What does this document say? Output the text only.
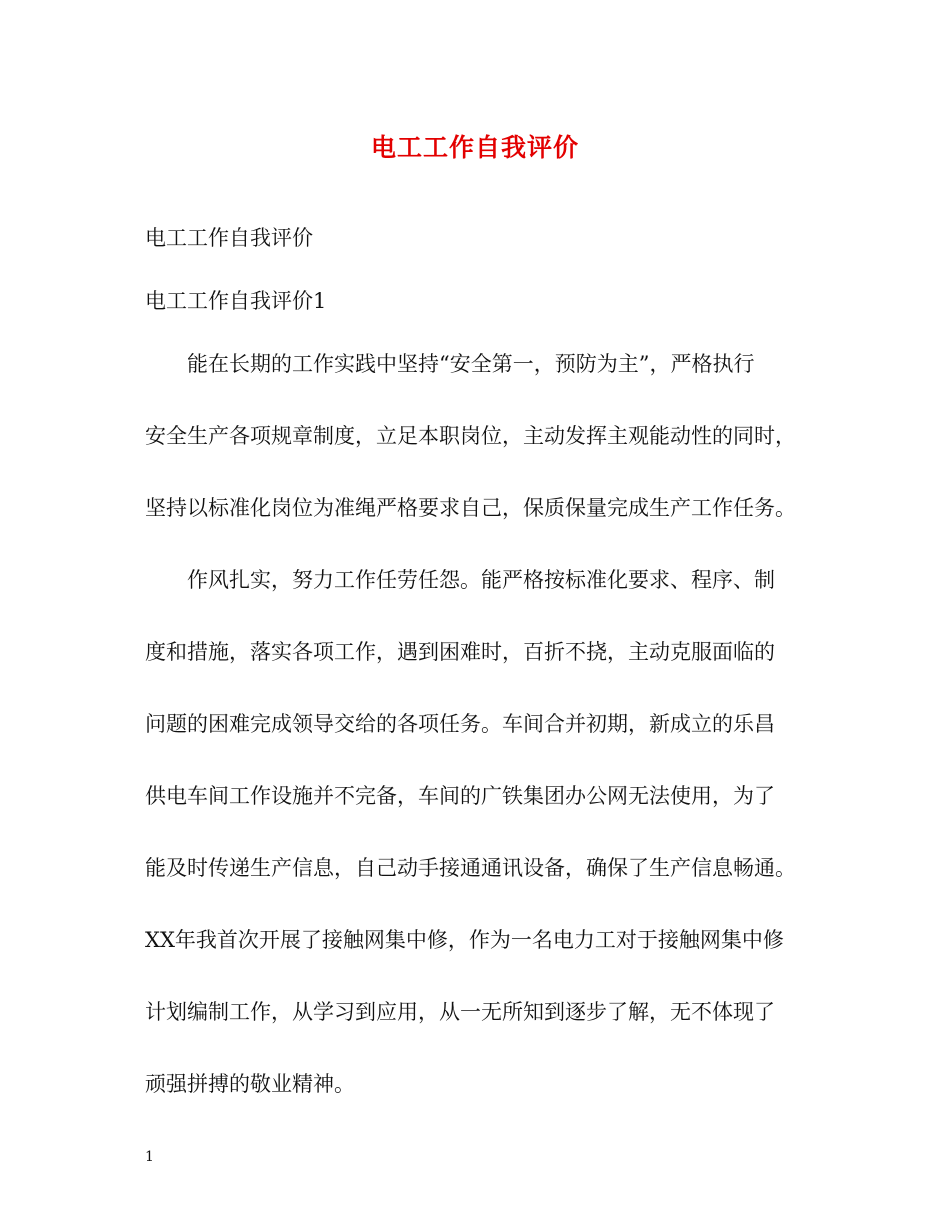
电工工作自我评价

电工工作自我评价

电工工作自我评价1

能在长期的工作实践中坚持“安全第一，预防为主”，严格执行

安全生产各项规章制度，立足本职岗位，主动发挥主观能动性的同时，

坚持以标准化岗位为准绳严格要求自己，保质保量完成生产工作任务。

作风扎实，努力工作任劳任怨。能严格按标准化要求、程序、制

度和措施，落实各项工作，遇到困难时，百折不挠，主动克服面临的

问题的困难完成领导交给的各项任务。车间合并初期，新成立的乐昌

供电车间工作设施并不完备，车间的广铁集团办公网无法使用，为了

能及时传递生产信息，自己动手接通通讯设备，确保了生产信息畅通。

XX年我首次开展了接触网集中修，作为一名电力工对于接触网集中修

计划编制工作，从学习到应用，从一无所知到逐步了解，无不体现了

顽强拼搏的敬业精神。

1
